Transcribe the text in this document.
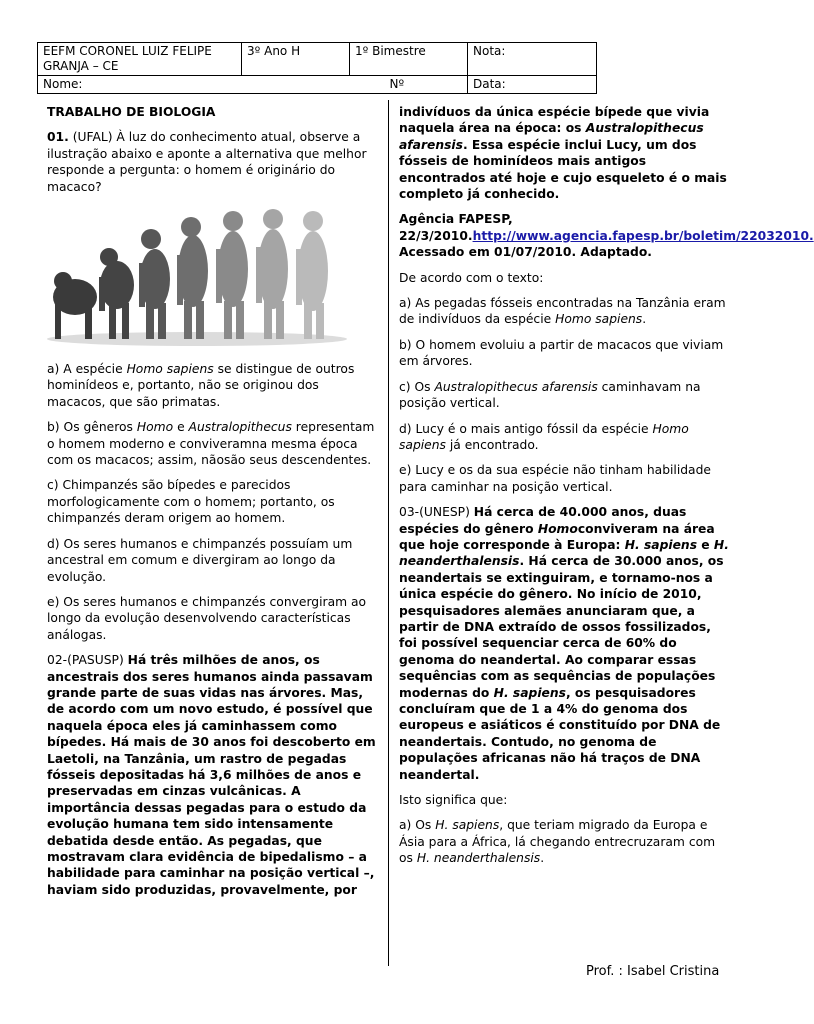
EEFM CORONEL LUIZ FELIPE GRANJA – CE	3º Ano H	1º Bimestre	Nota:
Nome:		Nº	Data:

TRABALHO DE BIOLOGIA

01. (UFAL) À luz do conhecimento atual, observe a ilustração abaixo e aponte a alternativa que melhor responde a pergunta: o homem é originário do macaco?

a) A espécie Homo sapiens se distingue de outros hominídeos e, portanto, não se originou dos macacos, que são primatas.

b) Os gêneros Homo e Australopithecus representam o homem moderno e conviveramna mesma época com os macacos; assim, nãosão seus descendentes.

c) Chimpanzés são bípedes e parecidos morfologicamente com o homem; portanto, os chimpanzés deram origem ao homem.

d) Os seres humanos e chimpanzés possuíam um ancestral em comum e divergiram ao longo da evolução.

e) Os seres humanos e chimpanzés convergiram ao longo da evolução desenvolvendo características análogas.

02-(PASUSP) Há três milhões de anos, os ancestrais dos seres humanos ainda passavam grande parte de suas vidas nas árvores. Mas, de acordo com um novo estudo, é possível que naquela época eles já caminhassem como bípedes. Há mais de 30 anos foi descoberto em Laetoli, na Tanzânia, um rastro de pegadas fósseis depositadas há 3,6 milhões de anos e preservadas em cinzas vulcânicas. A importância dessas pegadas para o estudo da evolução humana tem sido intensamente debatida desde então. As pegadas, que mostravam clara evidência de bipedalismo – a habilidade para caminhar na posição vertical –, haviam sido produzidas, provavelmente, por

indivíduos da única espécie bípede que vivia naquela área na época: os Australopithecus afarensis. Essa espécie inclui Lucy, um dos fósseis de hominídeos mais antigos encontrados até hoje e cujo esqueleto é o mais completo já conhecido.

Agência FAPESP, 22/3/2010.http://www.agencia.fapesp.br/boletim/22032010. Acessado em 01/07/2010. Adaptado.

De acordo com o texto:

a) As pegadas fósseis encontradas na Tanzânia eram de indivíduos da espécie Homo sapiens.

b) O homem evoluiu a partir de macacos que viviam em árvores.

c) Os Australopithecus afarensis caminhavam na posição vertical.

d) Lucy é o mais antigo fóssil da espécie Homo sapiens já encontrado.

e) Lucy e os da sua espécie não tinham habilidade para caminhar na posição vertical.

03-(UNESP) Há cerca de 40.000 anos, duas espécies do gênero Homoconviveram na área que hoje corresponde à Europa: H. sapiens e H. neanderthalensis. Há cerca de 30.000 anos, os neandertais se extinguiram, e tornamo-nos a única espécie do gênero. No início de 2010, pesquisadores alemães anunciaram que, a partir de DNA extraído de ossos fossilizados, foi possível sequenciar cerca de 60% do genoma do neandertal. Ao comparar essas sequências com as sequências de populações modernas do H. sapiens, os pesquisadores concluíram que de 1 a 4% do genoma dos europeus e asiáticos é constituído por DNA de neandertais. Contudo, no genoma de populações africanas não há traços de DNA neandertal.

Isto significa que:

a) Os H. sapiens, que teriam migrado da Europa e Ásia para a África, lá chegando entrecruzaram com os H. neanderthalensis.

Prof. : Isabel Cristina
